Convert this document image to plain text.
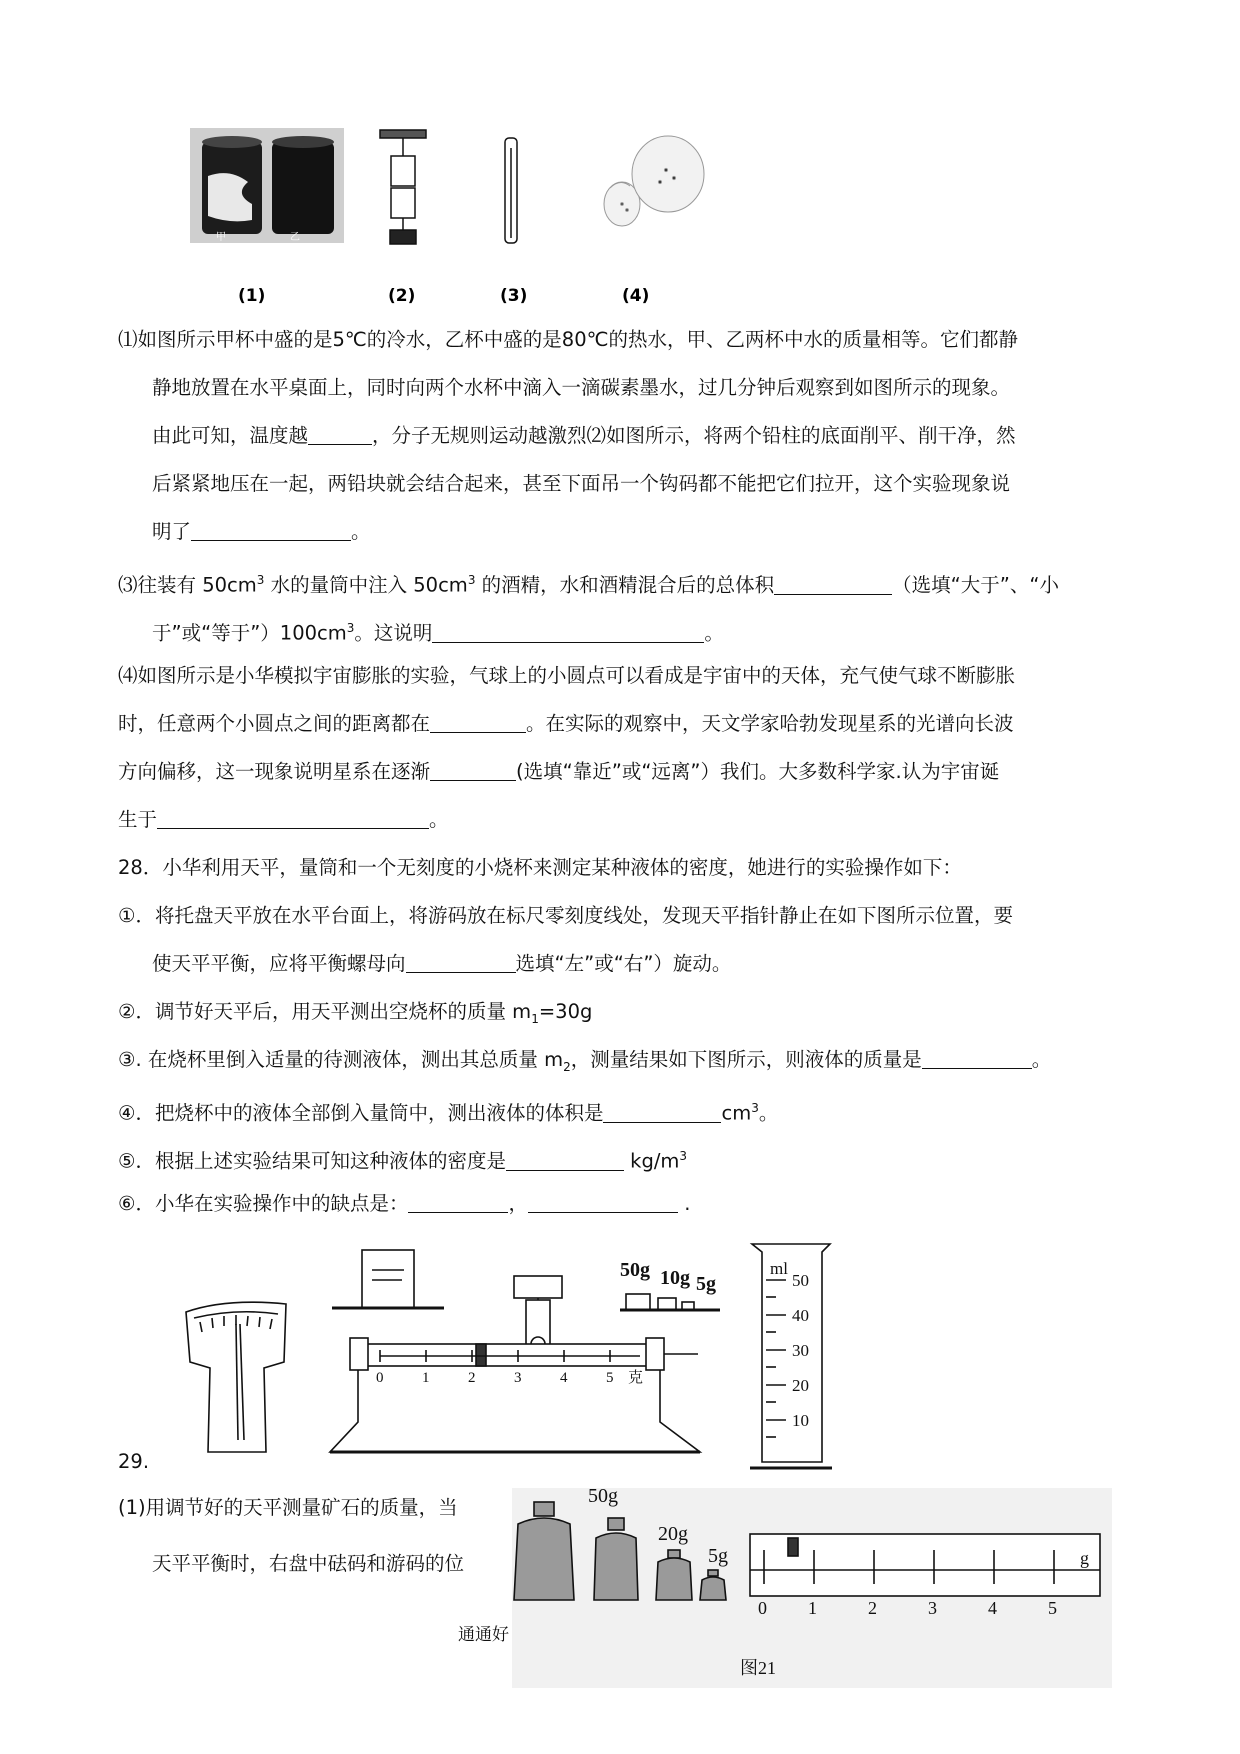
甲	乙
(1)	(2)	(3)	(4)
⑴如图所示甲杯中盛的是5℃的冷水，乙杯中盛的是80℃的热水，甲、乙两杯中水的质量相等。它们都静
静地放置在水平桌面上，同时向两个水杯中滴入一滴碳素墨水，过几分钟后观察到如图所示的现象。
由此可知，温度越	，分子无规则运动越激烈⑵如图所示，将两个铅柱的底面削平、削干净，然
后紧紧地压在一起，两铅块就会结合起来，甚至下面吊一个钩码都不能把它们拉开，这个实验现象说
明了	。
⑶往装有 $50cm^3$ 水的量筒中注入 $50cm^3$ 的酒精，水和酒精混合后的总体积	（选填“大于”、“小
于”或“等于$”)100cm^3$。这说明	。
⑷如图所示是小华模拟宇宙膨胀的实验，气球上的小圆点可以看成是宇宙中的天体，充气使气球不断膨胀
时，任意两个小圆点之间的距离都在	。在实际的观察中，天文学家哈勃发现星系的光谱向长波
方向偏移，这一现象说明星系在逐渐	(选填“靠近”或“远离”）我们。大多数科学家.认为宇宙诞
生于	。
28．小华利用天平，量筒和一个无刻度的小烧杯来测定某种液体的密度，她进行的实验操作如下：
①．将托盘天平放在水平台面上，将游码放在标尺零刻度线处，发现天平指针静止在如下图所示位置，要
使天平平衡，应将平衡螺母向	选填“左”或“右”）旋动。
②．调节好天平后，用天平测出空烧杯的质量 $m_1=30g$
③. 在烧杯里倒入适量的待测液体，测出其总质量 $m_2$，测量结果如下图所示，则液体的质量是	。
④．把烧杯中的液体全部倒入量筒中，测出液体的体积是	$cm^3$。
⑤．根据上述实验结果可知这种液体的密度是	$kg/m^3$
⑥．小华在实验操作中的缺点是：	，	.
0	1	2	3	4	5 克
50g 10g 5g
ml
50
40
30
20
10
29.
(1)用调节好的天平测量矿石的质量，当
天平平衡时，右盘中砝码和游码的位
50g
20g
5g
0 1	2	3	4	5
g
图21
通通好
